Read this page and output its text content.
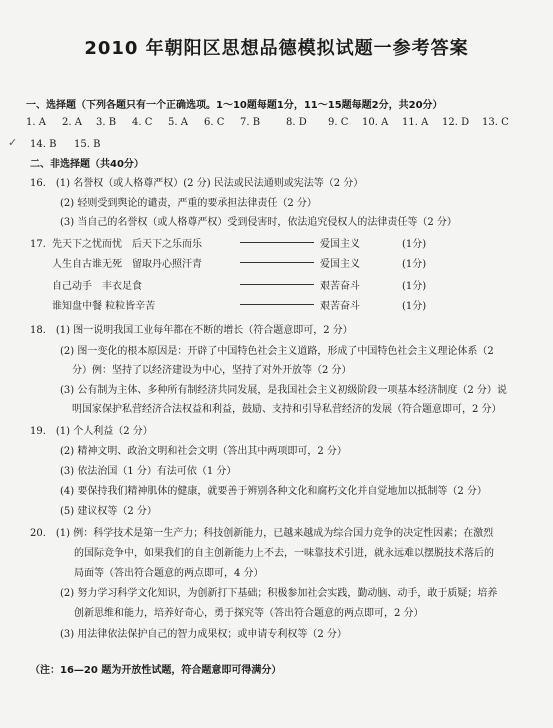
2010 年朝阳区思想品德模拟试题一参考答案
一、选择题（下列各题只有一个正确选项。1～10题每题1分，11～15题每题2分，共20分）
1. A	2. A	3. B	4. C	5. A	6. C	7. B	8. D	9. C	10. A	11. A	12. D	13. C
✓ 14. B	15. B
二、非选择题（共40分）
16.　(1) 名誉权（或人格尊严权）(2 分) 民法或民法通则或宪法等（2 分）
(2) 轻则受到舆论的谴责，严重的要承担法律责任（2 分）
(3) 当自己的名誉权（或人格尊严权）受到侵害时，依法追究侵权人的法律责任等（2 分）
17. 先天下之忧而忧　后天下之乐而乐	爱国主义	(1分)
人生自古谁无死　留取丹心照汗青	爱国主义	(1分)
自己动手　丰衣足食	艰苦奋斗	(1分)
谁知盘中餐 粒粒皆辛苦	艰苦奋斗	(1分)
18.　(1) 图一说明我国工业每年都在不断的增长（符合题意即可，2 分）
(2) 图一变化的根本原因是：开辟了中国特色社会主义道路，形成了中国特色社会主义理论体系（2
分）例：坚持了以经济建设为中心，坚持了对外开放等（2 分）
(3) 公有制为主体、多种所有制经济共同发展，是我国社会主义初级阶段一项基本经济制度（2 分）说
明国家保护私营经济合法权益和利益，鼓励、支持和引导私营经济的发展（符合题意即可，2 分）
19.　(1) 个人利益（2 分）
(2) 精神文明、政治文明和社会文明（答出其中两项即可，2 分）
(3) 依法治国（1 分）有法可依（1 分）
(4) 要保持我们精神肌体的健康，就要善于辨别各种文化和腐朽文化并自觉地加以抵制等（2 分）
(5) 建议权等（2 分）
20.　(1) 例：科学技术是第一生产力；科技创新能力，已越来越成为综合国力竞争的决定性因素；在激烈
的国际竞争中，如果我们的自主创新能力上不去，一味靠技术引进，就永远难以摆脱技术落后的
局面等（答出符合题意的两点即可，4 分）
(2) 努力学习科学文化知识，为创新打下基础；积极参加社会实践，勤动脑、动手，敢于质疑；培养
创新思维和能力，培养好奇心，勇于探究等（答出符合题意的两点即可，2 分）
(3) 用法律依法保护自己的智力成果权；或申请专利权等（2 分）
（注：16—20 题为开放性试题，符合题意即可得满分）
